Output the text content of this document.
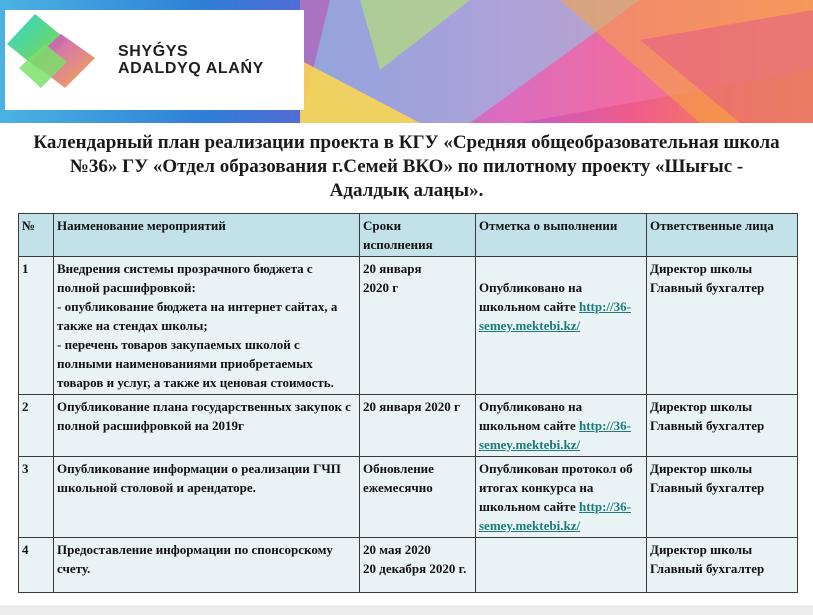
SHYǴYS
ADALDYQ ALAŃY
Календарный план реализации проекта в КГУ «Средняя общеобразовательная школа №36» ГУ «Отдел образования г.Семей ВКО» по пилотному проекту «Шығыс - Адалдық алаңы».
№	Наименование мероприятий	Сроки исполнения	Отметка о выполнении	Ответственные лица
1	Внедрения системы прозрачного бюджета с полной расшифровкой:
- опубликование бюджета на интернет сайтах, а также на стендах школы;
- перечень товаров закупаемых школой с полными наименованиями приобретаемых товаров и услуг, а также их ценовая стоимость.	20 января
2020 г	Опубликовано на школьном сайте http://36-semey.mektebi.kz/	Директор школы
Главный бухгалтер

2	Опубликование плана государственных закупок с полной расшифровкой на 2019г	20 января 2020 г	Опубликовано на школьном сайте http://36-semey.mektebi.kz/	Директор школы
Главный бухгалтер

3	Опубликование информации о реализации ГЧП школьной столовой и арендаторе.	Обновление ежемесячно	Опубликован протокол об итогах конкурса на школьном сайте http://36-semey.mektebi.kz/	Директор школы
Главный бухгалтер

4	Предоставление информации по спонсорскому счету.	20 мая 2020
20 декабря 2020 г.		Директор школы
Главный бухгалтер
